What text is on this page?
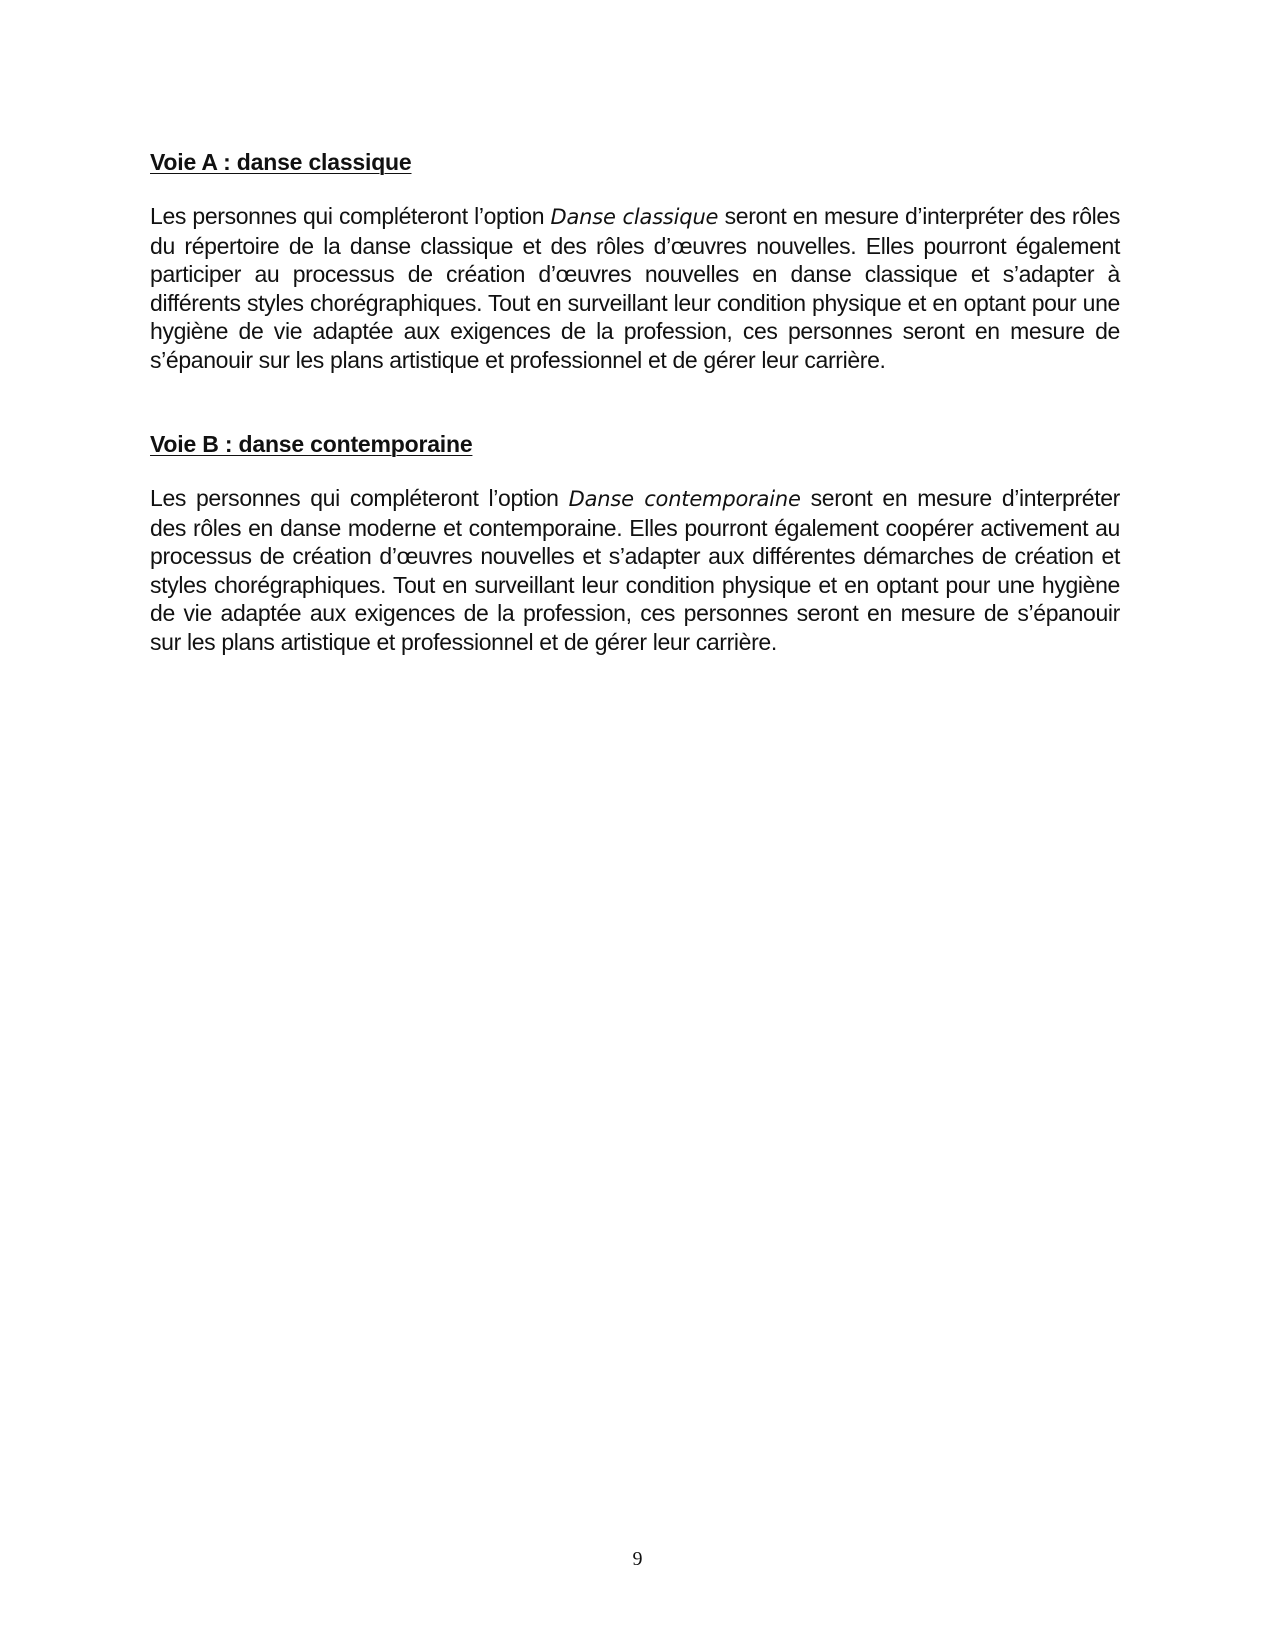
Voie A : danse classique

Les personnes qui compléteront l’option Danse classique seront en mesure d’interpréter des rôles du répertoire de la danse classique et des rôles d’œuvres nouvelles. Elles pourront également participer au processus de création d’œuvres nouvelles en danse classique et s’adapter à différents styles chorégraphiques. Tout en surveillant leur condition physique et en optant pour une hygiène de vie adaptée aux exigences de la profession, ces personnes seront en mesure de s’épanouir sur les plans artistique et professionnel et de gérer leur carrière.

Voie B : danse contemporaine

Les personnes qui compléteront l’option Danse contemporaine seront en mesure d’interpréter des rôles en danse moderne et contemporaine. Elles pourront également coopérer activement au processus de création d’œuvres nouvelles et s’adapter aux différentes démarches de création et styles chorégraphiques. Tout en surveillant leur condition physique et en optant pour une hygiène de vie adaptée aux exigences de la profession, ces personnes seront en mesure de s’épanouir sur les plans artistique et professionnel et de gérer leur carrière.

9
